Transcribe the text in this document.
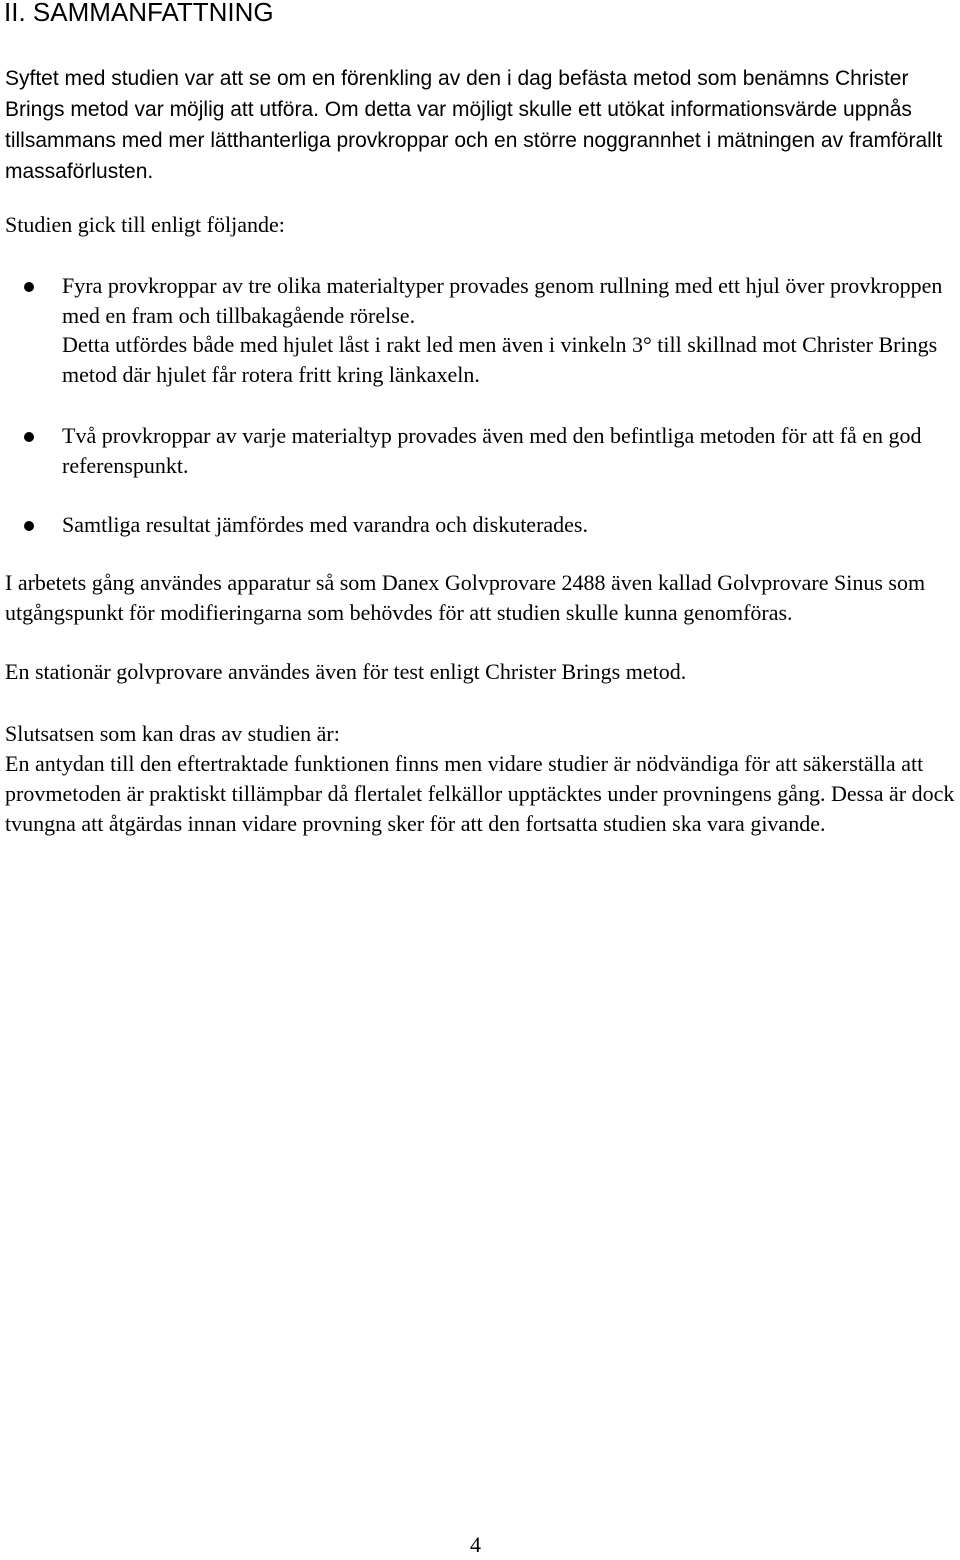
II. SAMMANFATTNING

Syftet med studien var att se om en förenkling av den i dag befästa metod som benämns Christer Brings metod var möjlig att utföra. Om detta var möjligt skulle ett utökat informationsvärde uppnås tillsammans med mer lätthanterliga provkroppar och en större noggrannhet i mätningen av framförallt massaförlusten.

Studien gick till enligt följande:

Fyra provkroppar av tre olika materialtyper provades genom rullning med ett hjul över provkroppen med en fram och tillbakagående rörelse.

Detta utfördes både med hjulet låst i rakt led men även i vinkeln 3° till skillnad mot Christer Brings metod där hjulet får rotera fritt kring länkaxeln.

Två provkroppar av varje materialtyp provades även med den befintliga metoden för att få en god referenspunkt.

Samtliga resultat jämfördes med varandra och diskuterades.

I arbetets gång användes apparatur så som Danex Golvprovare 2488 även kallad Golvprovare Sinus som utgångspunkt för modifieringarna som behövdes för att studien skulle kunna genomföras.

En stationär golvprovare användes även för test enligt Christer Brings metod.

Slutsatsen som kan dras av studien är:

En antydan till den eftertraktade funktionen finns men vidare studier är nödvändiga för att säkerställa att provmetoden är praktiskt tillämpbar då flertalet felkällor upptäcktes under provningens gång. Dessa är dock tvungna att åtgärdas innan vidare provning sker för att den fortsatta studien ska vara givande.

4
